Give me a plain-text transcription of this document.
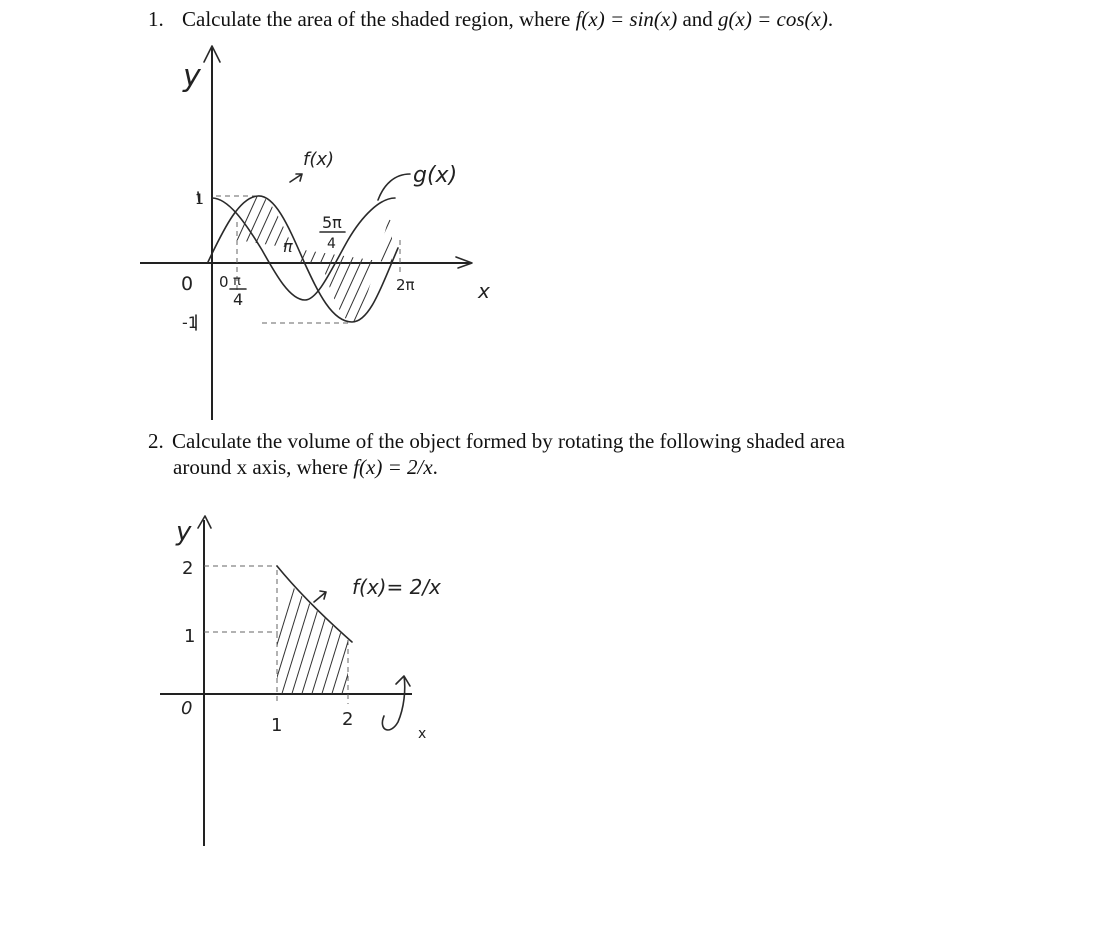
1. Calculate the area of the shaded region, where f(x) = sin(x) and g(x) = cos(x).
y
x
1
-1
0 0 π
4
π
5π
4
2π
f(x)
g(x)
2. Calculate the volume of the object formed by rotating the following shaded area
around x axis, where f(x) = 2/x.
y
x
2
1
0
1	2
f(x)= 2/x
